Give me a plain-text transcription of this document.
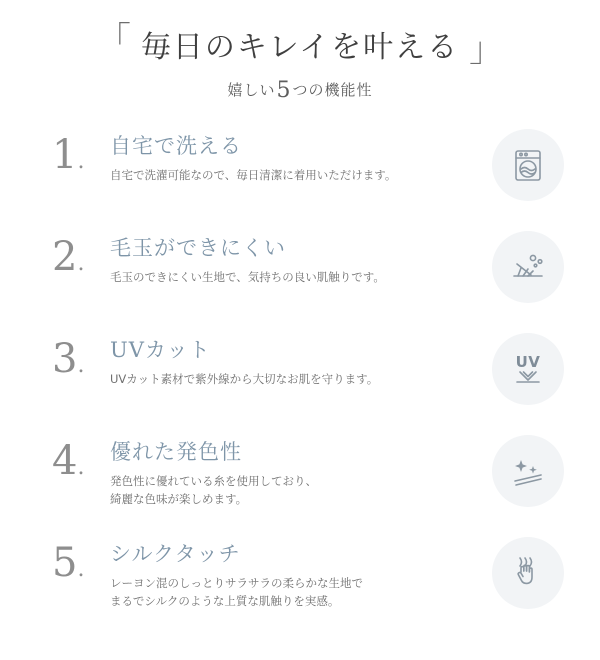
「 毎日のキレイを叶える 」
嬉しい5つの機能性
1.
自宅で洗える
自宅で洗濯可能なので、毎日清潔に着用いただけます。
2.
毛玉ができにくい
毛玉のできにくい生地で、気持ちの良い肌触りです。
3.
UVカット
UVカット素材で紫外線から大切なお肌を守ります。
UV
4.
優れた発色性
発色性に優れている糸を使用しており、
綺麗な色味が楽しめます。
5.
シルクタッチ
レーヨン混のしっとりサラサラの柔らかな生地で
まるでシルクのような上質な肌触りを実感。
